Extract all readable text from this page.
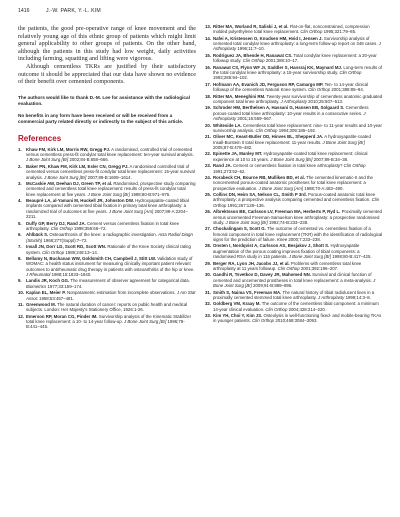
1416	J.-W. PARK, Y.-L. KIM

the patients, the good pre-operative range of knee movement and the relatively young age of this ethnic group of patients which might limit general applicability to other groups of patients. On the other hand, although the patients in this study had low weight, daily activities including farming, squatting and lifting were vigorous.

Although cementless TKRs are justified by their satisfactory outcome it should be appreciated that our data have shown no evidence of their benefit over cemented components.

The authors would like to thank D.-M. Lee for assistance with the radiological evaluation.

No benefits in any form have been received or will be received from a commercial party related directly or indirectly to the subject of this article.

References

1. Khaw FM, Kirk LM, Morris RW, Gregg PJ. A randomised, controlled trial of cemented versus cementless press-fit condylar total knee replacement: ten-year survival analysis. J Bone Joint Surg [Br] 2002;84-B:658–666.

2. Baker PN, Khaw FM, Kirk LM, Esler CN, Gregg PJ. A randomised controlled trial of cemented versus cementless press-fit condylar total knee replacement: 15-year survival analysis. J Bone Joint Surg [Br] 2007;89-B:1608–1614.

3. McCaskie AW, Deehan DJ, Green TP, et al. Randomised, prospective study comparing cemented and cementless total knee replacement: results of press-fit condylar total knee replacement at five years. J Bone Joint Surg [Br] 1998;80-B:971–975.

4. Beaupré LA, al-Yamani M, Huckell JR, Johnston DW. Hydroxyapatite-coated tibial implants compared with cemented tibial fixation in primary total knee arthroplasty: a randomized trial of outcomes at five years. J Bone Joint Surg [Am] 2007;89-A:2204–2211.

5. Duffy GP, Berry DJ, Rand JA. Cement versus cementless fixation in total knee arthroplasty. Clin Orthop 1998;356:66–72.

6. Ahlbäck S. Osteoarthrosis of the knee: a radiographic investigation. Acta Radiol Diagn (Stockh) 1968;277(Suppl):7–72.

7. Insall JN, Dorr LD, Scott RD, Scott WN. Rationale of the Knee Society clinical rating system. Clin Orthop 1989;248:13–14.

8. Bellamy N, Buchanan WW, Goldsmith CH, Campbell J, Stitt LW. Validation study of WOMAC: a health status instrument for measuring clinically important patient relevant outcomes to antirheumatic drug therapy in patients with osteoarthritis of the hip or knee. J Rheumatol 1988;15:1833–1840.

9. Landis JR, Koch GG. The measurement of observer agreement for categorical data. Biometrics 1977;33:159–174.

10. Kaplan EL, Meier P. Nonparametric estimation from incomplete observations. J Am Stat Assoc 1958;53:457–481.

11. Greenwood M. The natural duration of cancer: reports on public health and medical subjects. London: Her Majesty's Stationery Office, 1926:1-26.

12. Emerson RP, Moran CG, Pinder IM. Survivorship analysis of the Kinematic Stabilizer total knee replacement: a 10- to 14-year follow-up. J Bone Joint Surg [Br] 1996;78-B:441–445.

13. Ritter MA, Worland R, Saliski J, et al. Flat-on-flat, nonconstrained, compression molded polyethylene total knee replacement. Clin Orthop 1995;321:79–85.

14. Nafei A, Kristensen O, Knudsen HM, Hvid I, Jensen J. Survivorship analysis of cemented total condylar knee arthroplasty: a long-term follow-up report on 348 cases. J Arthroplasty 1996;11:7–10.

15. Rodriguez JA, Bhende H, Ranawat CS. Total condylar knee replacement: a 20-year followup study. Clin Orthop 2001;388:10–17.

16. Ranawat CS, Flynn WF Jr, Saddler S, Hansraj KK, Maynard MJ. Long-term results of the total condylar knee arthroplasty: a 15-year survivorship study. Clin Orthop 1993;286:94–102.

17. Hofmann AA, Evanich JD, Ferguson RP, Camargo MP. Ten- to 14-year clinical followup of the cementless Natural Knee system. Clin Orthop 2001;388:85–94.

18. Ritter MA, Meneghini RM. Twenty-year survivorship of cementless anatomic graduated component total knee arthroplasty. J Arthroplasty 2010;25:507–513.

19. Schroder HM, Berthelsen A, Hassani G, Hansen EB, Solgaard S. Cementless porous-coated total knee arthroplasty: 10-year results in a consecutive series. J Arthroplasty 2001;16:559–567.

20. Whiteside LA. Cementless total knee replacement: nine- to 11-year results and 10-year survivorship analysis. Clin Orthop 1994;309:185–192.

21. Oliver MC, Keast-Butler OD, Hinves BL, Shepperd JA. A hydroxyapatite-coated Insall-Burstein II total knee replacement: 11-year results. J Bone Joint Surg [Br] 2005;87-B:478–482.

22. Epinette JA, Manley MT. Hydroxyapatite-coated total knee replacement: clinical experience at 10 to 15 years. J Bone Joint Surg [Br] 2007;89-B:34–38.

23. Rand JA. Cement or cementless fixation in total knee arthroplasty? Clin Orthop 1991;273:52–62.

24. Rorabeck CH, Bourne RB, Mulliken BD, et al. The cemented kinematic-II and the noncemented porous-coated anatomic prostheses for total knee replacement: a prospective evaluation. J Bone Joint Surg [Am] 1988;70-A:483–490.

25. Collins DN, Heim SA, Nelson CL, Smith P 3rd. Porous-coated anatomic total knee arthroplasty: a prospective analysis comparing cemented and cementless fixation. Clin Orthop 1991;267:128–136.

26. Albrektsson BE, Carlsson LV, Freeman MA, Herberts P, Ryd L. Proximally cemented versus uncemented Freeman-Samuelson knee arthroplasty: a prospective randomised study. J Bone Joint Surg [Br] 1992;74-B:233–238.

27. Chockalingam S, Scott G. The outcome of cemented vs. cementless fixation of a femoral component in total knee replacement (TKR) with the identification of radiological signs for the prediction of failure. Knee 2000;7:233–238.

28. Onsten I, Nordqvist A, Carlsson AS, Besjakov J, Shott S. Hydroxyapatite augmentation of the porous coating improves fixation of tibial components: a randomised RSA study in 116 patients. J Bone Joint Surg [Br] 1998;80-B:417–425.

29. Berger RA, Lyon JH, Jacobs JJ, et al. Problems with cementless total knee arthroplasty at 11 years followup. Clin Orthop 2001;392:196–207.

30. Gandhi R, Tsvetkov D, Davey JR, Mahomed NN. Survival and clinical function of cemented and uncemented prostheses in total knee replacement: a meta-analysis. J Bone Joint Surg [Br] 2009;91-B:889–895.

31. Smith S, Naima VS, Freeman MA. The natural history of tibial radiolucent lines in a proximally cemented stemmed total knee arthroplasty. J Arthroplasty 1999;14:3–8.

32. Goldberg VM, Kraay M. The outcome of the cementless tibial component: a minimum 14-year clinical evaluation. Clin Orthop 2004;428:214–220.

33. Kim YH, Choi Y, Kim JS. Osteolysis in well-functioning fixed- and mobile-bearing TKAs in younger patients. Clin Orthop 2010;468:3084–3093.
